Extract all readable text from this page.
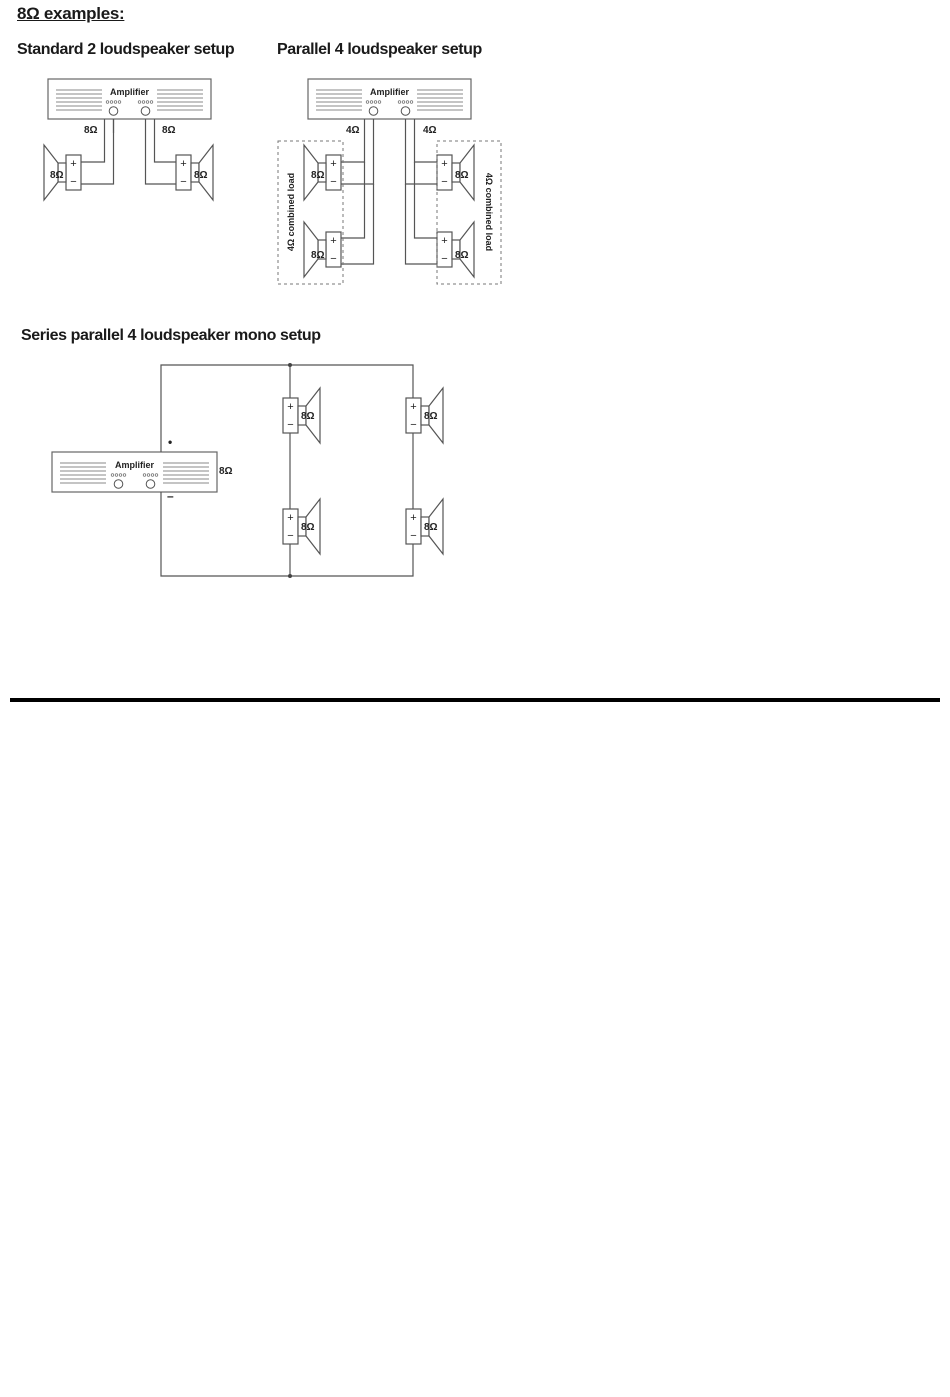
8Ω examples:
Standard 2 loudspeaker setup	Parallel 4 loudspeaker setup
Series parallel 4 loudspeaker mono setup
Amplifier
8Ω	8Ω
+
−
8Ω
+
−
8Ω
Amplifier
4Ω	4Ω
+
−
+
−
+
−
+
−
8Ω
8Ω
8Ω
8Ω
4Ω combined load	4Ω combined load
Amplifier
8Ω
•
–
+
−
+
−
+
−
+
−
8Ω
8Ω
8Ω
8Ω
